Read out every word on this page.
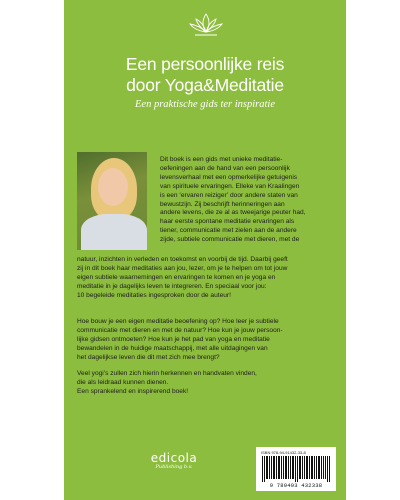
Een persoonlijke reis
door Yoga&Meditatie
Een praktische gids ter inspiratie
Dit boek is een gids met unieke meditatie-
oefeningen aan de hand van een persoonlijk
levensverhaal met een opmerkelijke getuigenis
van spirituele ervaringen. Elleke van Kraalingen
is een ‘ervaren reiziger’ door andere staten van
bewustzijn. Zij beschrijft herinneringen aan
andere levens, die ze al as tweejarige peuter had,
haar eerste spontane meditatie ervaringen als
tiener, communicatie met zielen aan de andere
zijde, subtiele communicatie met dieren, met de
natuur, inzichten in verleden en toekomst en voorbij de tijd. Daarbij geeft
zij in dit boek haar meditaties aan jou, lezer, om je te helpen om tot jouw
eigen subtiele waarnemingen en ervaringen te komen en je yoga en
meditatie in je dagelijks leven te integreren. En speciaal voor jou:
10 begeleide meditaties ingesproken door de auteur!
Hoe bouw je een eigen meditatie beoefening op? Hoe leer je subtiele
communicatie met dieren en met de natuur? Hoe kun je jouw persoon-
lijke gidsen ontmoeten? Hoe kun je het pad van yoga en meditatie
bewandelen in de huidige maatschappij, met alle uitdagingen van
het dagelijkse leven die dit met zich mee brengt?
Veel yogi’s zullen zich hierin herkennen en handvaten vinden,
die als leidraad kunnen dienen.
Een sprankelend en inspirerend boek!
edicola
Publishing b.v.
ISBN 978-94-91432-33-8
9 789493 432338
